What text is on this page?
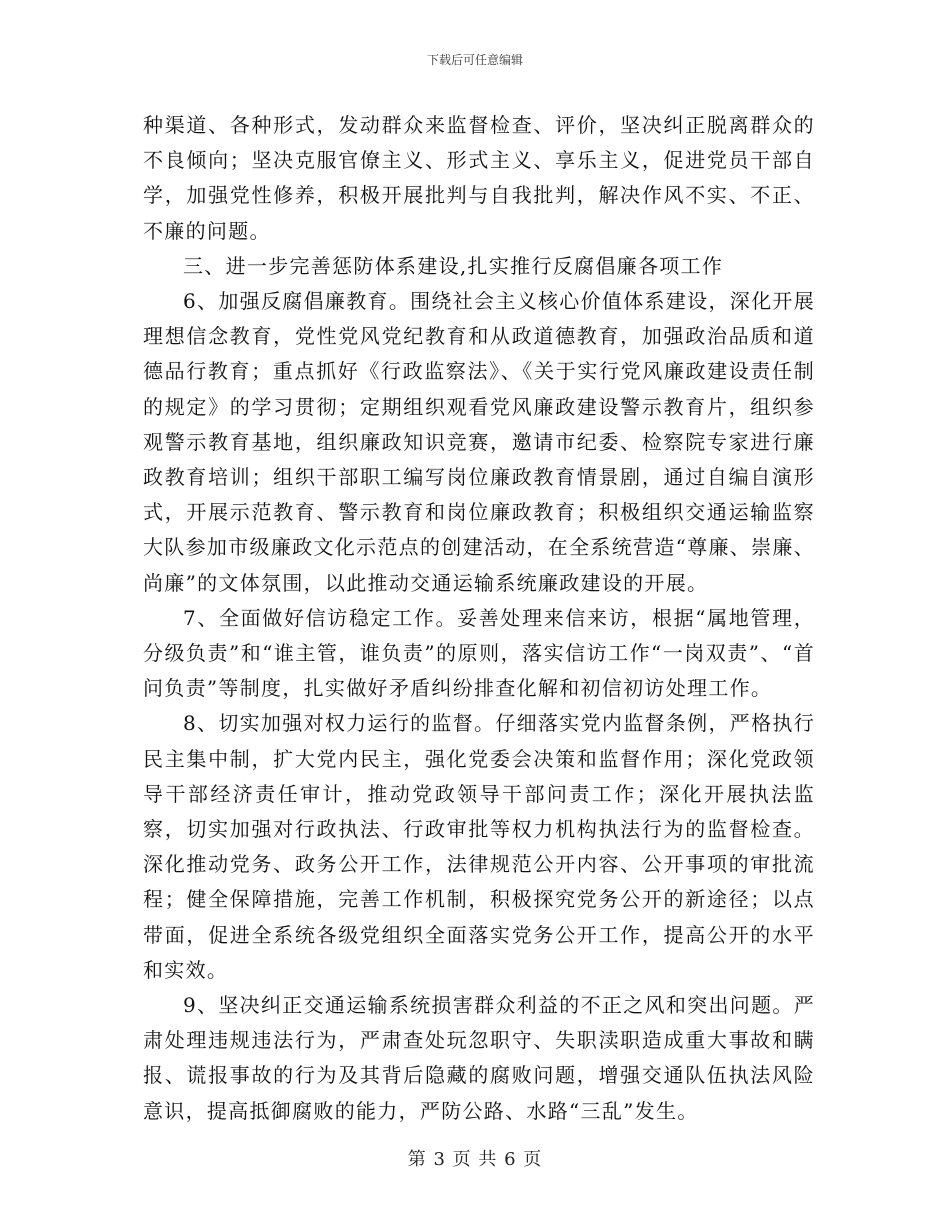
下载后可任意编辑

种渠道、各种形式，发动群众来监督检查、评价，坚决纠正脱离群众的不良倾向；坚决克服官僚主义、形式主义、享乐主义，促进党员干部自学，加强党性修养，积极开展批判与自我批判，解决作风不实、不正、不廉的问题。

三、进一步完善惩防体系建设,扎实推行反腐倡廉各项工作

6、加强反腐倡廉教育。围绕社会主义核心价值体系建设，深化开展理想信念教育，党性党风党纪教育和从政道德教育，加强政治品质和道德品行教育；重点抓好《行政监察法》、《关于实行党风廉政建设责任制的规定》的学习贯彻；定期组织观看党风廉政建设警示教育片，组织参观警示教育基地，组织廉政知识竞赛，邀请市纪委、检察院专家进行廉政教育培训；组织干部职工编写岗位廉政教育情景剧，通过自编自演形式，开展示范教育、警示教育和岗位廉政教育；积极组织交通运输监察大队参加市级廉政文化示范点的创建活动，在全系统营造“尊廉、崇廉、尚廉”的文体氛围，以此推动交通运输系统廉政建设的开展。

7、全面做好信访稳定工作。妥善处理来信来访，根据“属地管理，分级负责”和“谁主管，谁负责”的原则，落实信访工作“一岗双责”、“首问负责”等制度，扎实做好矛盾纠纷排查化解和初信初访处理工作。

8、切实加强对权力运行的监督。仔细落实党内监督条例，严格执行民主集中制，扩大党内民主，强化党委会决策和监督作用；深化党政领导干部经济责任审计，推动党政领导干部问责工作；深化开展执法监察，切实加强对行政执法、行政审批等权力机构执法行为的监督检查。深化推动党务、政务公开工作，法律规范公开内容、公开事项的审批流程；健全保障措施，完善工作机制，积极探究党务公开的新途径；以点带面，促进全系统各级党组织全面落实党务公开工作，提高公开的水平和实效。

9、坚决纠正交通运输系统损害群众利益的不正之风和突出问题。严肃处理违规违法行为，严肃查处玩忽职守、失职渎职造成重大事故和瞒报、谎报事故的行为及其背后隐藏的腐败问题，增强交通队伍执法风险意识，提高抵御腐败的能力，严防公路、水路“三乱”发生。

第 3 页 共 6 页
